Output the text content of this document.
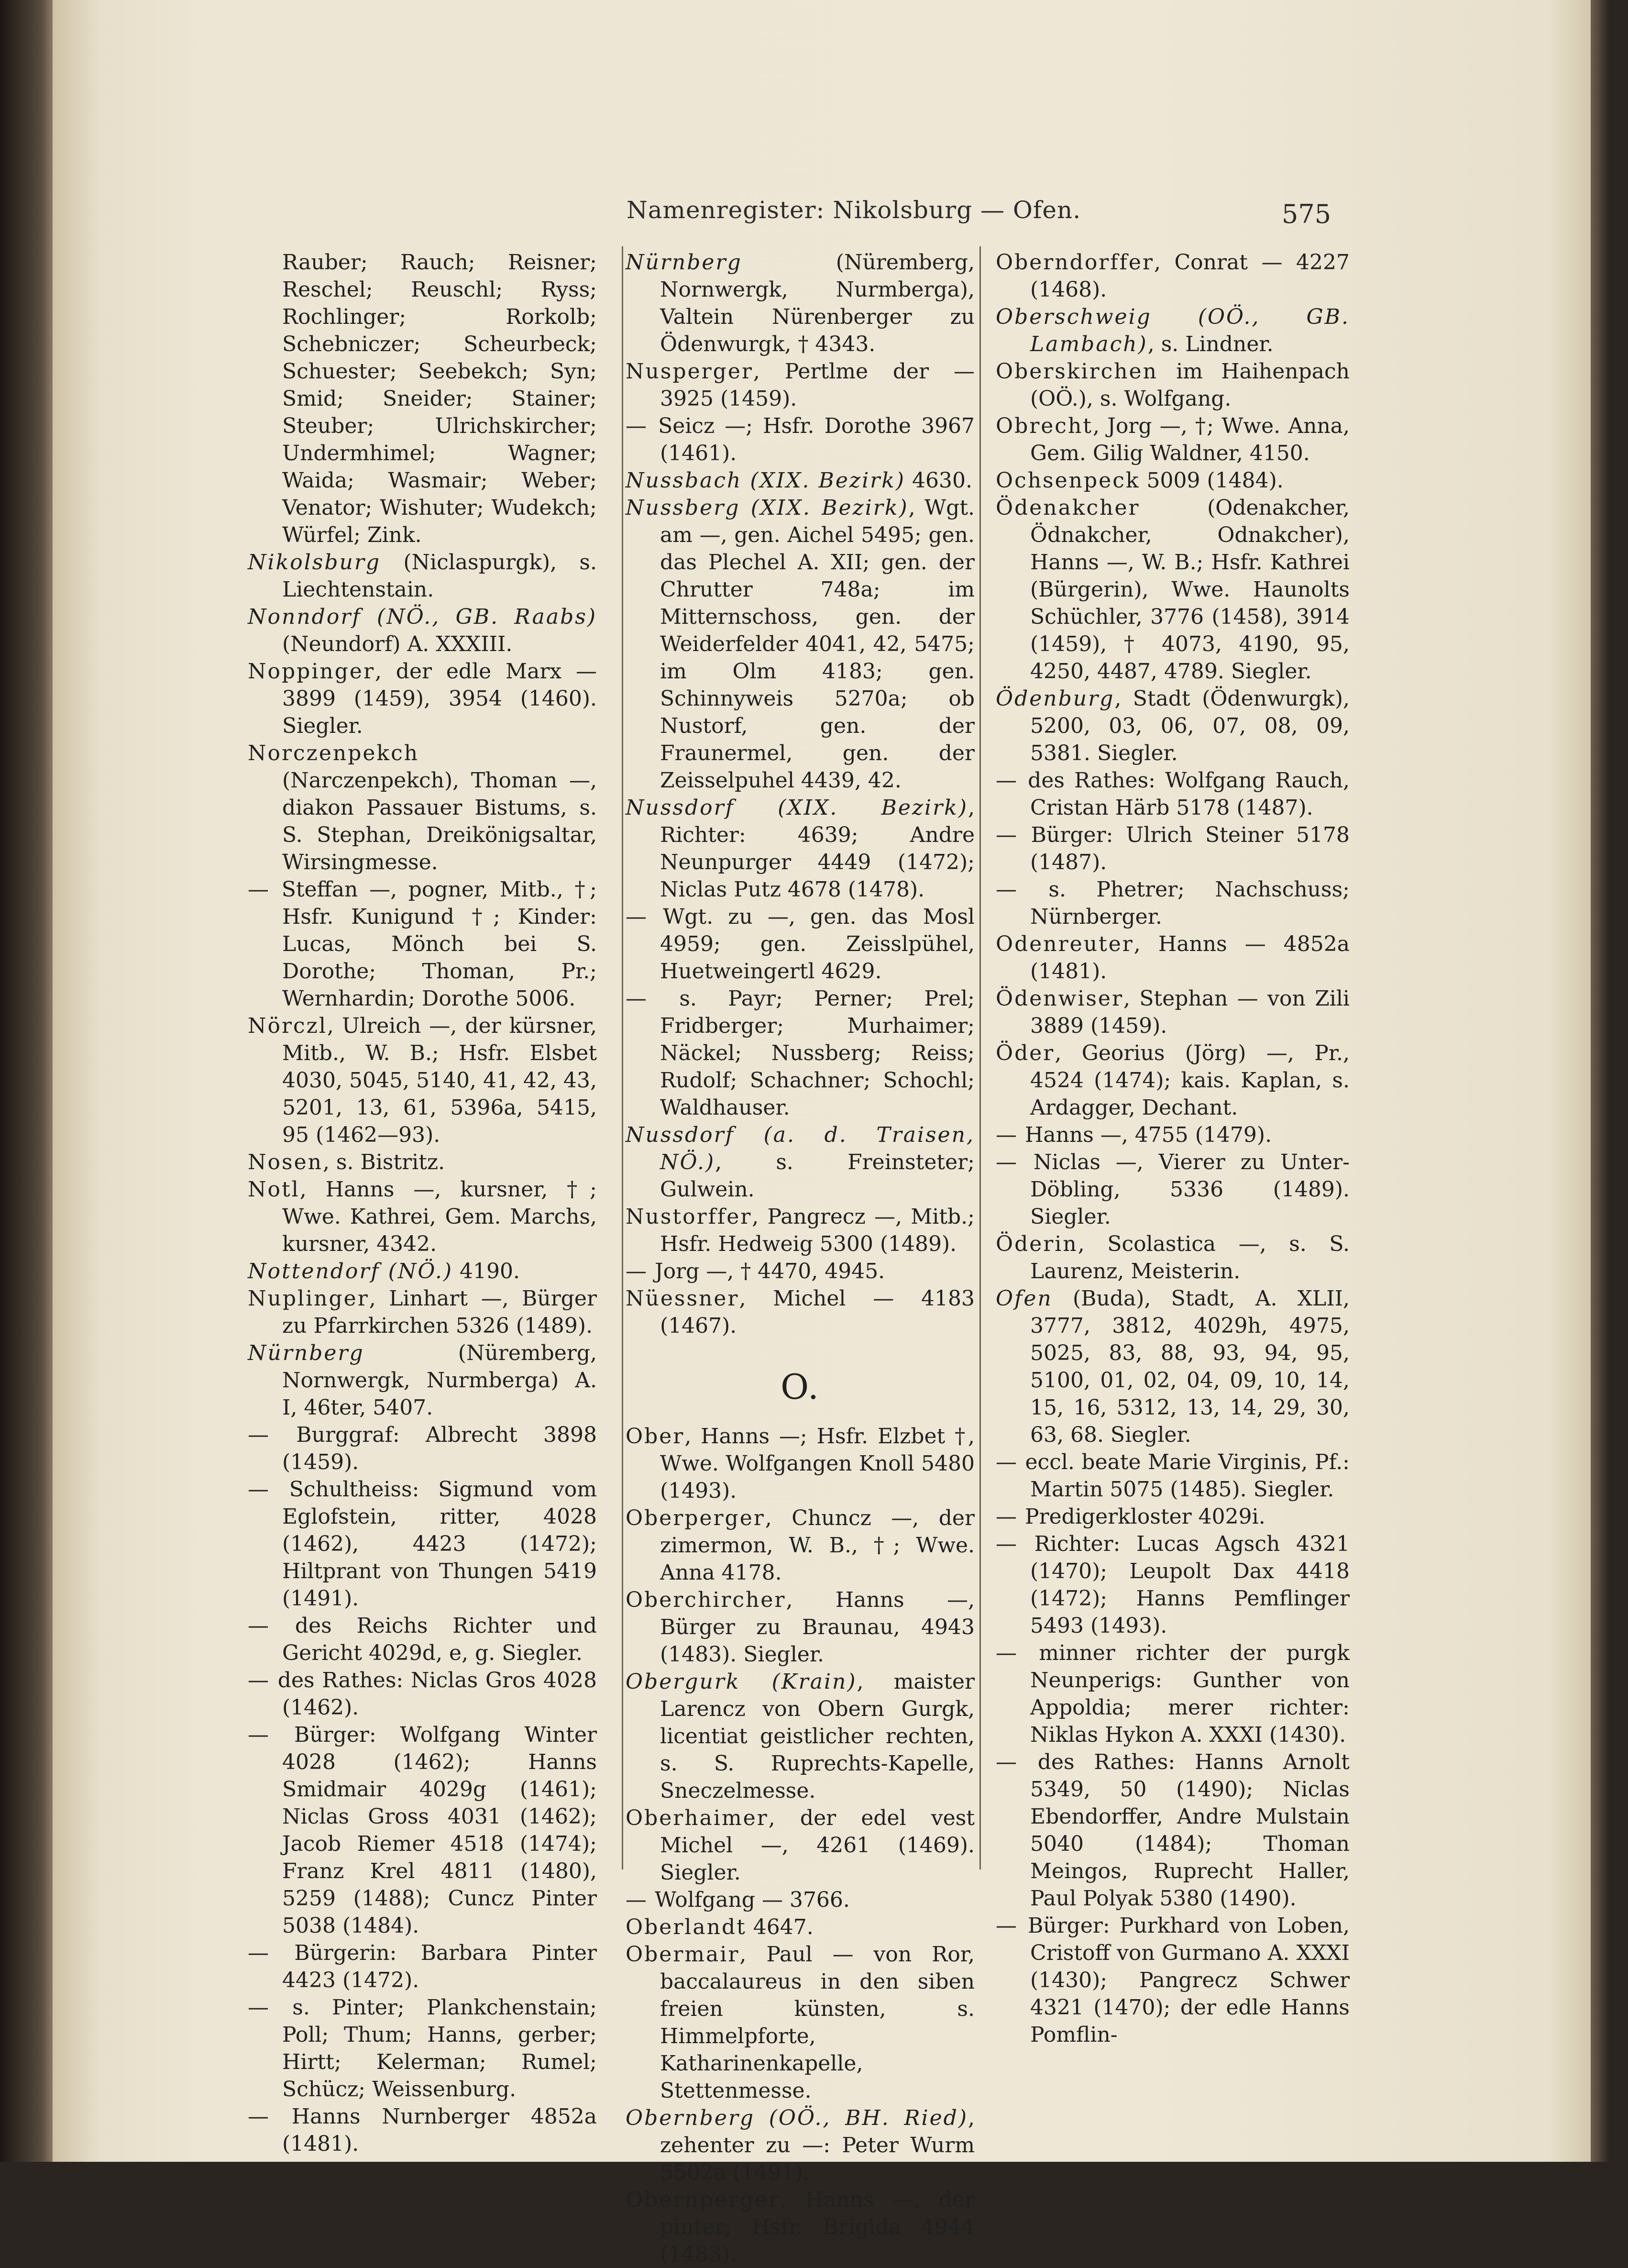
Namenregister: Nikolsburg — Ofen.	575

Rauber; Rauch; Reisner; Reschel; Reuschl; Ryss; Rochlinger; Rorkolb; Schebniczer; Scheurbeck; Schuester; Seebekch; Syn; Smid; Sneider; Stainer; Steuber; Ulrichskircher; Undermhimel; Wagner; Waida; Wasmair; Weber; Venator; Wishuter; Wudekch; Würfel; Zink.

Nikolsburg (Niclaspurgk), s. Liechtenstain.

Nonndorf (NÖ., GB. Raabs) (Neundorf) A. XXXIII.

Noppinger, der edle Marx — 3899 (1459), 3954 (1460). Siegler.

Norczenpekch (Narczenpekch), Thoman —, diakon Passauer Bistums, s. S. Stephan, Dreikönigsaltar, Wirsingmesse.

— Steffan —, pogner, Mitb., †; Hsfr. Kunigund †; Kinder: Lucas, Mönch bei S. Dorothe; Thoman, Pr.; Wernhardin; Dorothe 5006.

Nörczl, Ulreich —, der kürsner, Mitb., W. B.; Hsfr. Elsbet 4030, 5045, 5140, 41, 42, 43, 5201, 13, 61, 5396a, 5415, 95 (1462—93).

Nosen, s. Bistritz.

Notl, Hanns —, kursner, †; Wwe. Kathrei, Gem. Marchs, kursner, 4342.

Nottendorf (NÖ.) 4190.

Nuplinger, Linhart —, Bürger zu Pfarrkirchen 5326 (1489).

Nürnberg (Nüremberg, Nornwergk, Nurmberga) A. I, 46ter, 5407.

— Burggraf: Albrecht 3898 (1459).

— Schultheiss: Sigmund vom Eglofstein, ritter, 4028 (1462), 4423 (1472); Hiltprant von Thungen 5419 (1491).

— des Reichs Richter und Gericht 4029d, e, g. Siegler.

— des Rathes: Niclas Gros 4028 (1462).

— Bürger: Wolfgang Winter 4028 (1462); Hanns Smidmair 4029g (1461); Niclas Gross 4031 (1462); Jacob Riemer 4518 (1474); Franz Krel 4811 (1480), 5259 (1488); Cuncz Pinter 5038 (1484).

— Bürgerin: Barbara Pinter 4423 (1472).

— s. Pinter; Plankchenstain; Poll; Thum; Hanns, gerber; Hirtt; Kelerman; Rumel; Schücz; Weissenburg.

— Hanns Nurnberger 4852a (1481).

Nürnberg (Nüremberg, Nornwergk, Nurmberga), Valtein Nürenberger zu Ödenwurgk, † 4343.

Nusperger, Pertlme der — 3925 (1459).

— Seicz —; Hsfr. Dorothe 3967 (1461).

Nussbach (XIX. Bezirk) 4630.

Nussberg (XIX. Bezirk), Wgt. am —, gen. Aichel 5495; gen. das Plechel A. XII; gen. der Chrutter 748a; im Mitternschoss, gen. der Weiderfelder 4041, 42, 5475; im Olm 4183; gen. Schinnyweis 5270a; ob Nustorf, gen. der Fraunermel, gen. der Zeisselpuhel 4439, 42.

Nussdorf (XIX. Bezirk), Richter: 4639; Andre Neunpurger 4449 (1472); Niclas Putz 4678 (1478).

— Wgt. zu —, gen. das Mosl 4959; gen. Zeisslpühel, Huetweingertl 4629.

— s. Payr; Perner; Prel; Fridberger; Murhaimer; Näckel; Nussberg; Reiss; Rudolf; Schachner; Schochl; Waldhauser.

Nussdorf (a. d. Traisen, NÖ.), s. Freinsteter; Gulwein.

Nustorffer, Pangrecz —, Mitb.; Hsfr. Hedweig 5300 (1489).

— Jorg —, † 4470, 4945.

Nüessner, Michel — 4183 (1467).

O.

Ober, Hanns —; Hsfr. Elzbet †, Wwe. Wolfgangen Knoll 5480 (1493).

Oberperger, Chuncz —, der zimermon, W. B., †; Wwe. Anna 4178.

Oberchircher, Hanns —, Bürger zu Braunau, 4943 (1483). Siegler.

Obergurk (Krain), maister Larencz von Obern Gurgk, licentiat geistlicher rechten, s. S. Ruprechts-Kapelle, Sneczelmesse.

Oberhaimer, der edel vest Michel —, 4261 (1469). Siegler.

— Wolfgang — 3766.

Oberlandt 4647.

Obermair, Paul — von Ror, baccalaureus in den siben freien künsten, s. Himmelpforte, Katharinenkapelle, Stettenmesse.

Obernberg (OÖ., BH. Ried), zehenter zu —: Peter Wurm 5502a (1491).

Obernperger, Hanns —, der pinter; Hsfr. Brigida 4944 (1483).

Oberndorffer, Conrat — 4227 (1468).

Oberschweig (OÖ., GB. Lambach), s. Lindner.

Oberskirchen im Haihenpach (OÖ.), s. Wolfgang.

Obrecht, Jorg —, †; Wwe. Anna, Gem. Gilig Waldner, 4150.

Ochsenpeck 5009 (1484).

Ödenakcher (Odenakcher, Ödnakcher, Odnakcher), Hanns —, W. B.; Hsfr. Kathrei (Bürgerin), Wwe. Haunolts Schüchler, 3776 (1458), 3914 (1459), † 4073, 4190, 95, 4250, 4487, 4789. Siegler.

Ödenburg, Stadt (Ödenwurgk), 5200, 03, 06, 07, 08, 09, 5381. Siegler.

— des Rathes: Wolfgang Rauch, Cristan Härb 5178 (1487).

— Bürger: Ulrich Steiner 5178 (1487).

— s. Phetrer; Nachschuss; Nürnberger.

Odenreuter, Hanns — 4852a (1481).

Ödenwiser, Stephan — von Zili 3889 (1459).

Öder, Georius (Jörg) —, Pr., 4524 (1474); kais. Kaplan, s. Ardagger, Dechant.

— Hanns —, 4755 (1479).

— Niclas —, Vierer zu Unter-Döbling, 5336 (1489). Siegler.

Öderin, Scolastica —, s. S. Laurenz, Meisterin.

Ofen (Buda), Stadt, A. XLII, 3777, 3812, 4029h, 4975, 5025, 83, 88, 93, 94, 95, 5100, 01, 02, 04, 09, 10, 14, 15, 16, 5312, 13, 14, 29, 30, 63, 68. Siegler.

— eccl. beate Marie Virginis, Pf.: Martin 5075 (1485). Siegler.

— Predigerkloster 4029i.

— Richter: Lucas Agsch 4321 (1470); Leupolt Dax 4418 (1472); Hanns Pemflinger 5493 (1493).

— minner richter der purgk Neunperigs: Gunther von Appoldia; merer richter: Niklas Hykon A. XXXI (1430).

— des Rathes: Hanns Arnolt 5349, 50 (1490); Niclas Ebendorffer, Andre Mulstain 5040 (1484); Thoman Meingos, Ruprecht Haller, Paul Polyak 5380 (1490).

— Bürger: Purkhard von Loben, Cristoff von Gurmano A. XXXI (1430); Pangrecz Schwer 4321 (1470); der edle Hanns Pomflin-
